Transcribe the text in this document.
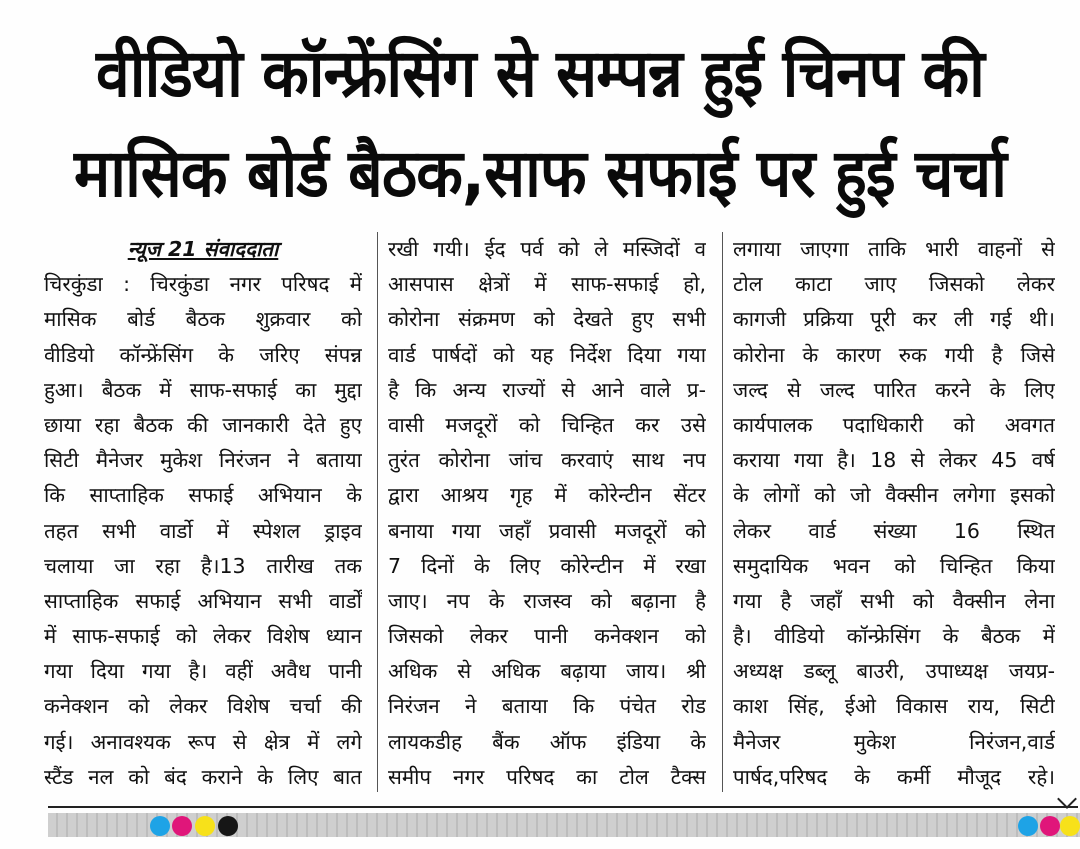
वीडियो कॉन्फ्रेंसिंग से सम्पन्न हुई चिनप की
मासिक बोर्ड बैठक,साफ सफाई पर हुई चर्चा
न्यूज 21 संवाददाता
चिरकुंडा : चिरकुंडा नगर परिषद में
मासिक बोर्ड बैठक शुक्रवार को
वीडियो कॉन्फ्रेंसिंग के जरिए संपन्न
हुआ। बैठक में साफ-सफाई का मुद्दा
छाया रहा बैठक की जानकारी देते हुए
सिटी मैनेजर मुकेश निरंजन ने बताया
कि साप्ताहिक सफाई अभियान के
तहत सभी वार्डो में स्पेशल ड्राइव
चलाया जा रहा है।13 तारीख तक
साप्ताहिक सफाई अभियान सभी वार्डों
में साफ-सफाई को लेकर विशेष ध्यान
गया दिया गया है। वहीं अवैध पानी
कनेक्शन को लेकर विशेष चर्चा की
गई। अनावश्यक रूप से क्षेत्र में लगे
स्टैंड नल को बंद कराने के लिए बात
रखी गयी। ईद पर्व को ले मस्जिदों व
आसपास क्षेत्रों में साफ-सफाई हो,
कोरोना संक्रमण को देखते हुए सभी
वार्ड पार्षदों को यह निर्देश दिया गया
है कि अन्य राज्यों से आने वाले प्र-
वासी मजदूरों को चिन्हित कर उसे
तुरंत कोरोना जांच करवाएं साथ नप
द्वारा आश्रय गृह में कोरेन्टीन सेंटर
बनाया गया जहाँ प्रवासी मजदूरों को
7 दिनों के लिए कोरेन्टीन में रखा
जाए। नप के राजस्व को बढ़ाना है
जिसको लेकर पानी कनेक्शन को
अधिक से अधिक बढ़ाया जाय। श्री
निरंजन ने बताया कि पंचेत रोड
लायकडीह बैंक ऑफ इंडिया के
समीप नगर परिषद का टोल टैक्स
लगाया जाएगा ताकि भारी वाहनों से
टोल काटा जाए जिसको लेकर
कागजी प्रक्रिया पूरी कर ली गई थी।
कोरोना के कारण रुक गयी है जिसे
जल्द से जल्द पारित करने के लिए
कार्यपालक पदाधिकारी को अवगत
कराया गया है। 18 से लेकर 45 वर्ष
के लोगों को जो वैक्सीन लगेगा इसको
लेकर वार्ड संख्या 16 स्थित
समुदायिक भवन को चिन्हित किया
गया है जहाँ सभी को वैक्सीन लेना
है। वीडियो कॉन्फ्रेसिंग के बैठक में
अध्यक्ष डब्लू बाउरी, उपाध्यक्ष जयप्र-
काश सिंह, ईओ विकास राय, सिटी
मैनेजर मुकेश निरंजन,वार्ड
पार्षद,परिषद के कर्मी मौजूद रहे।
